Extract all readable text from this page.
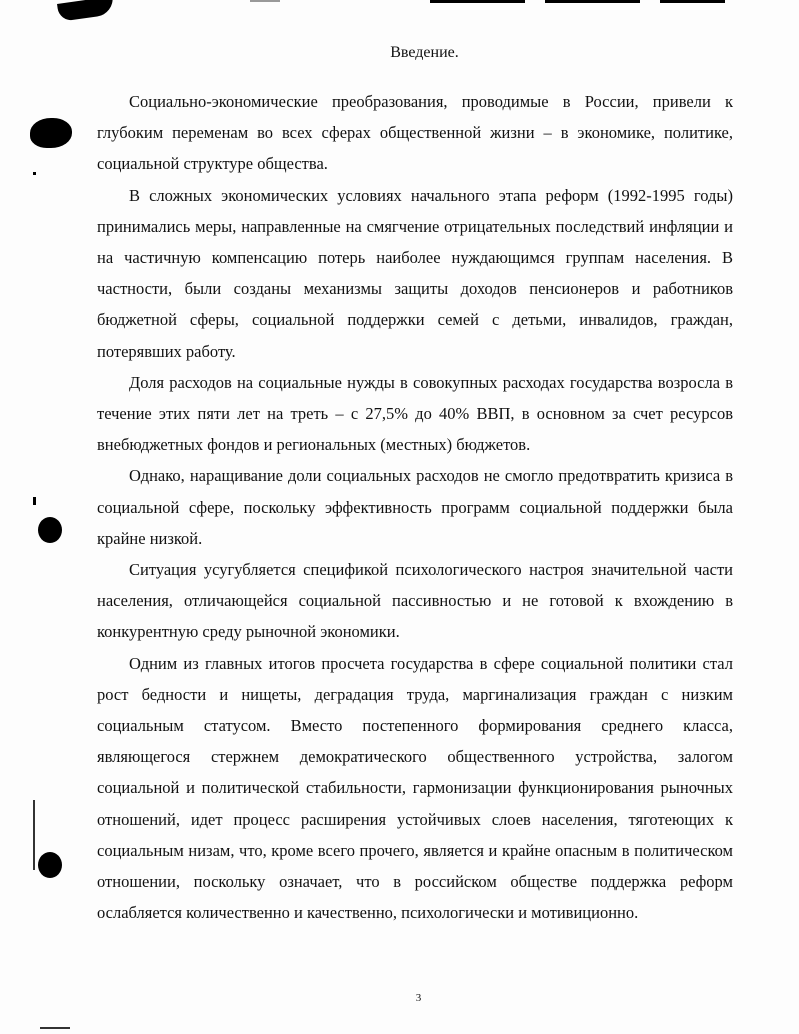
Введение.

Социально-экономические преобразования, проводимые в России, привели к глубоким переменам во всех сферах общественной жизни – в экономике, политике, социальной структуре общества.

В сложных экономических условиях начального этапа реформ (1992-1995 годы) принимались меры, направленные на смягчение отрицательных последствий инфляции и на частичную компенсацию потерь наиболее нуждающимся группам населения. В частности, были созданы механизмы защиты доходов пенсионеров и работников бюджетной сферы, социальной поддержки семей с детьми, инвалидов, граждан, потерявших работу.

Доля расходов на социальные нужды в совокупных расходах государства возросла в течение этих пяти лет на треть – с 27,5% до 40% ВВП, в основном за счет ресурсов внебюджетных фондов и региональных (местных) бюджетов.

Однако, наращивание доли социальных расходов не смогло предотвратить кризиса в социальной сфере, поскольку эффективность программ социальной поддержки была крайне низкой.

Ситуация усугубляется спецификой психологического настроя значительной части населения, отличающейся социальной пассивностью и не готовой к вхождению в конкурентную среду рыночной экономики.

Одним из главных итогов просчета государства в сфере социальной политики стал рост бедности и нищеты, деградация труда, маргинализация граждан с низким социальным статусом. Вместо постепенного формирования среднего класса, являющегося стержнем демократического общественного устройства, залогом социальной и политической стабильности, гармонизации функционирования рыночных отношений, идет процесс расширения устойчивых слоев населения, тяготеющих к социальным низам, что, кроме всего прочего, является и крайне опасным в политическом отношении, поскольку означает, что в российском обществе поддержка реформ ослабляется количественно и качественно, психологически и мотивиционно.

3
